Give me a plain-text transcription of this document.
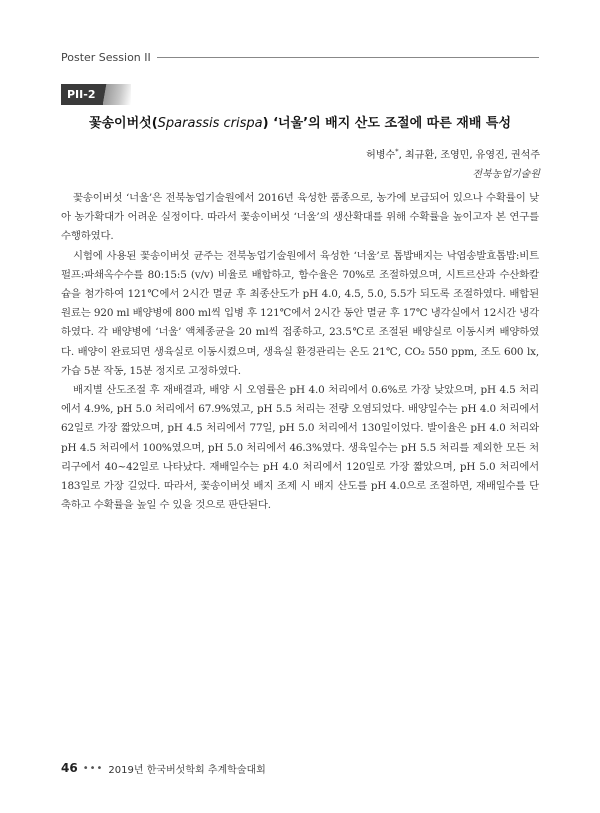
Poster Session II
PII-2
꽃송이버섯(Sparassis crispa) ‘너울’의 배지 산도 조절에 따른 재배 특성
허병수*, 최규환, 조영민, 유영진, 권석주
전북농업기술원

꽃송이버섯 ‘너울’은 전북농업기술원에서 2016년 육성한 품종으로, 농가에 보급되어 있으나 수확률이 낮아 농가확대가 어려운 실정이다. 따라서 꽃송이버섯 ‘너울’의 생산확대를 위해 수확률을 높이고자 본 연구를 수행하였다.

시험에 사용된 꽃송이버섯 균주는 전북농업기술원에서 육성한 ‘너울’로 톱밥배지는 낙엽송발효톱밥:비트펄프:파쇄옥수수를 80:15:5 (v/v) 비율로 배합하고, 함수율은 70%로 조절하였으며, 시트르산과 수산화칼슘을 첨가하여 121℃에서 2시간 멸균 후 최종산도가 pH 4.0, 4.5, 5.0, 5.5가 되도록 조절하였다. 배합된 원료는 920 ml 배양병에 800 ml씩 입병 후 121℃에서 2시간 동안 멸균 후 17℃ 냉각실에서 12시간 냉각하였다. 각 배양병에 ‘너울’ 액체종균을 20 ml씩 접종하고, 23.5℃로 조절된 배양실로 이동시켜 배양하였다. 배양이 완료되면 생육실로 이동시켰으며, 생육실 환경관리는 온도 21℃, CO₂ 550 ppm, 조도 600 lx, 가습 5분 작동, 15분 정지로 고정하였다.

배지별 산도조절 후 재배결과, 배양 시 오염률은 pH 4.0 처리에서 0.6%로 가장 낮았으며, pH 4.5 처리에서 4.9%, pH 5.0 처리에서 67.9%였고, pH 5.5 처리는 전량 오염되었다. 배양일수는 pH 4.0 처리에서 62일로 가장 짧았으며, pH 4.5 처리에서 77일, pH 5.0 처리에서 130일이었다. 발이율은 pH 4.0 처리와 pH 4.5 처리에서 100%였으며, pH 5.0 처리에서 46.3%였다. 생육일수는 pH 5.5 처리를 제외한 모든 처리구에서 40~42일로 나타났다. 재배일수는 pH 4.0 처리에서 120일로 가장 짧았으며, pH 5.0 처리에서 183일로 가장 길었다. 따라서, 꽃송이버섯 배지 조제 시 배지 산도를 pH 4.0으로 조절하면, 재배일수를 단축하고 수확률을 높일 수 있을 것으로 판단된다.

46 ••• 2019년 한국버섯학회 추계학술대회
